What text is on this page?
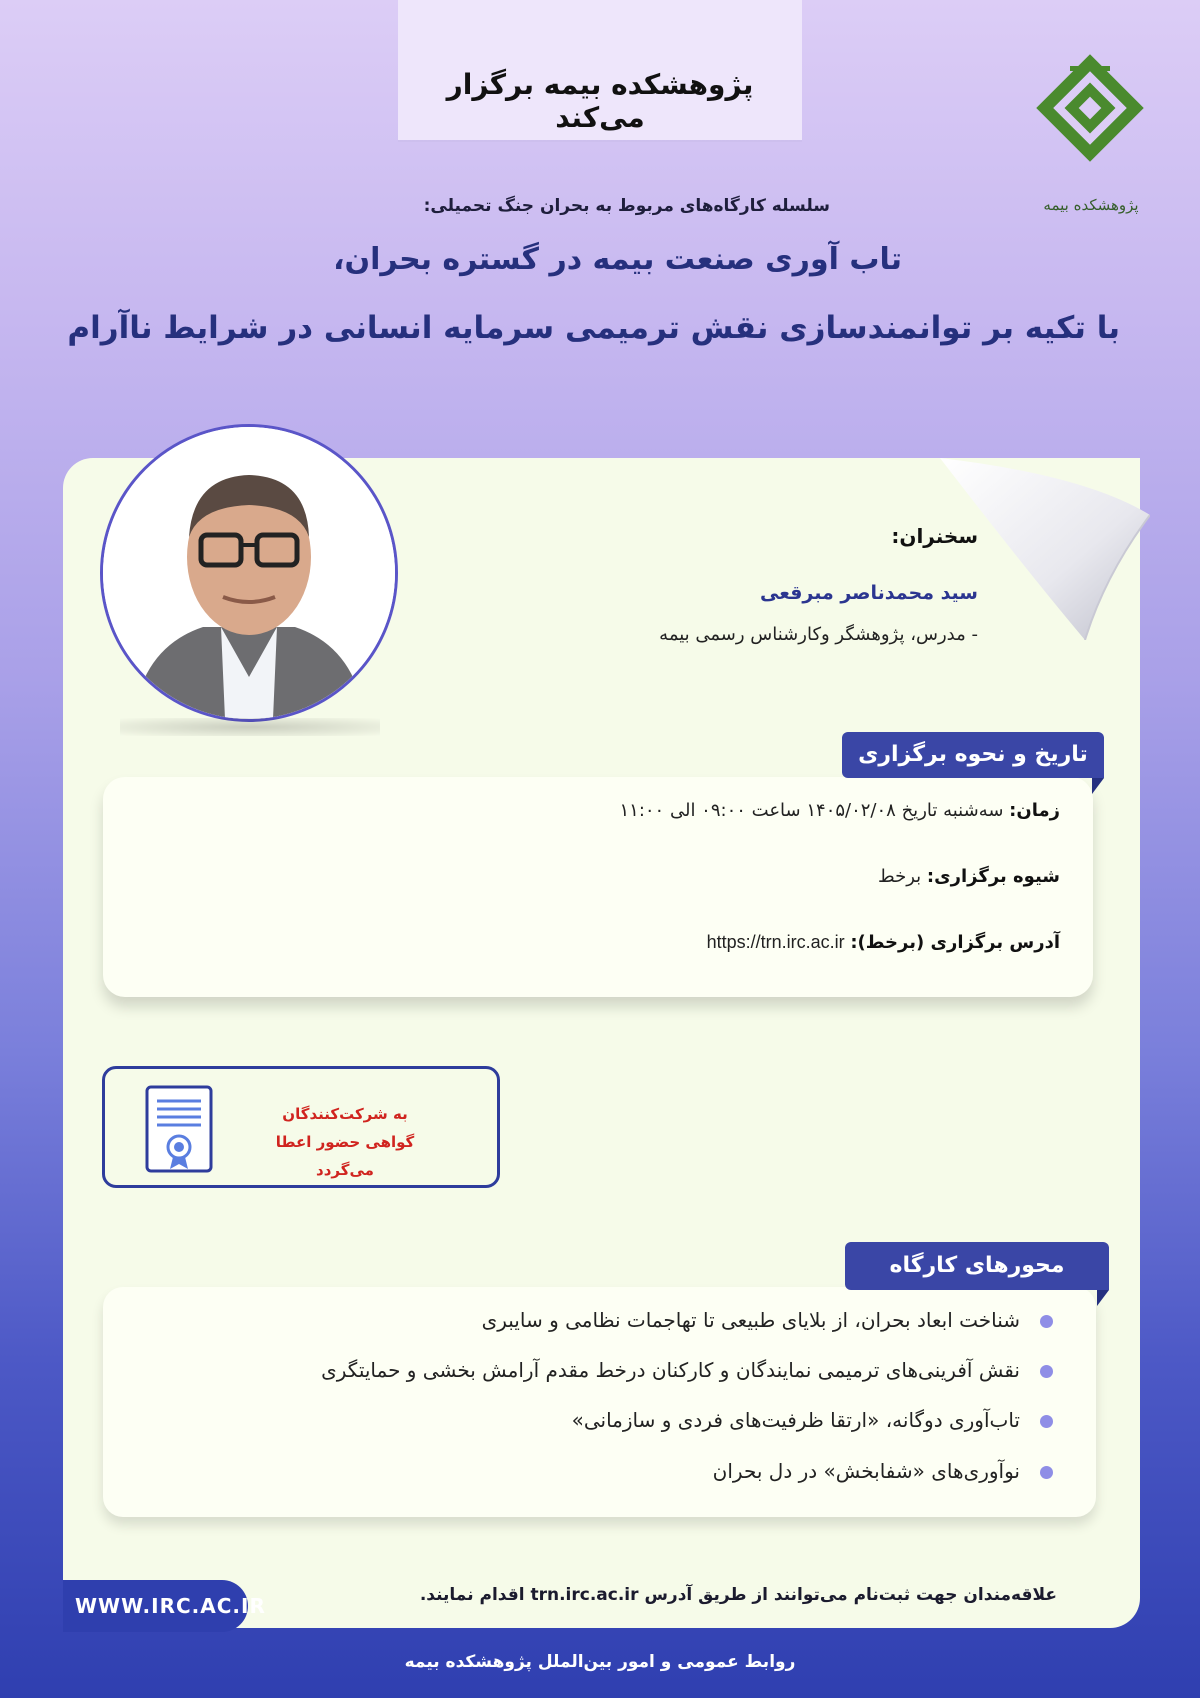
پژوهشکده بیمه برگزار می‌کند
پژوهشکده بیمه
سلسله کارگاه‌های مربوط به بحران جنگ تحمیلی:
تاب آوری صنعت بیمه در گستره بحران،
با تکیه بر توانمندسازی نقش ترمیمی سرمایه انسانی در شرایط ناآرام
سخنران:
سید محمدناصر مبرقعی
- مدرس، پژوهشگر وکارشناس رسمی بیمه
تاریخ و نحوه برگزاری
زمان: سه‌شنبه تاریخ ۱۴۰۵/۰۲/۰۸ ساعت ۰۹:۰۰ الی ۱۱:۰۰
شیوه برگزاری: برخط
آدرس برگزاری (برخط): https://trn.irc.ac.ir
به شرکت‌کنندگان
گواهی حضور اعطا می‌گردد
محورهای کارگاه
شناخت ابعاد بحران، از بلایای طبیعی تا تهاجمات نظامی و سایبری
نقش آفرینی‌های ترمیمی نمایندگان و کارکنان درخط مقدم آرامش بخشی و حمایتگری
تاب‌آوری دوگانه، «ارتقا ظرفیت‌های فردی و سازمانی»
نوآوری‌های «شفابخش» در دل بحران
علاقه‌مندان جهت ثبت‌نام می‌توانند از طریق آدرس trn.irc.ac.ir اقدام نمایند.
WWW.IRC.AC.IR
روابط عمومی و امور بین‌الملل پژوهشکده بیمه
